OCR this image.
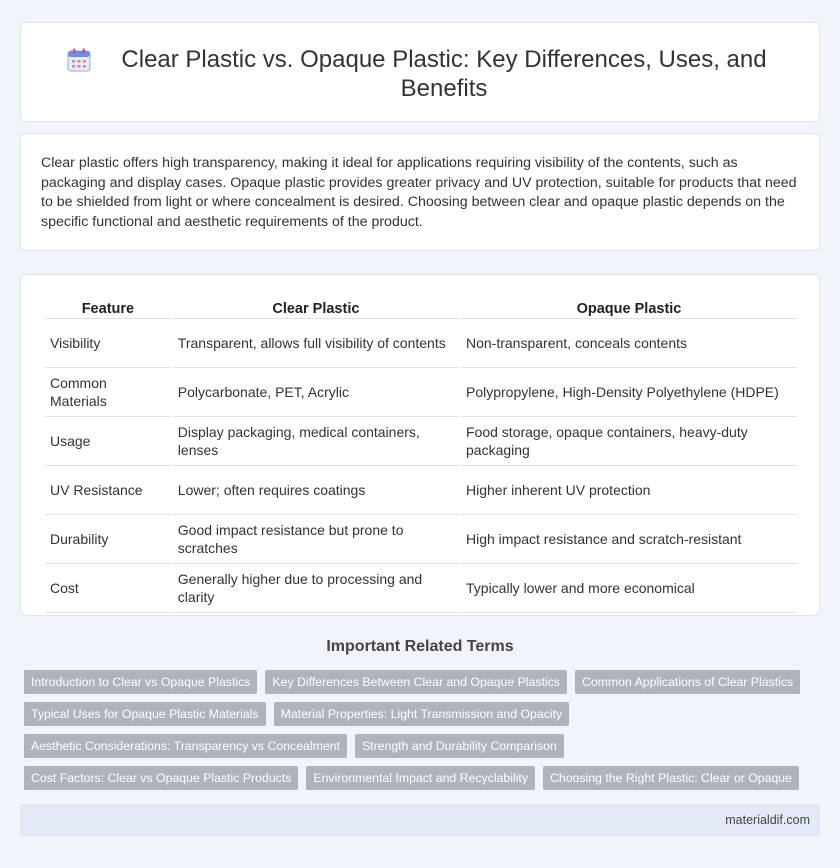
Clear Plastic vs. Opaque Plastic: Key Differences, Uses, and Benefits

Clear plastic offers high transparency, making it ideal for applications requiring visibility of the contents, such as packaging and display cases. Opaque plastic provides greater privacy and UV protection, suitable for products that need to be shielded from light or where concealment is desired. Choosing between clear and opaque plastic depends on the specific functional and aesthetic requirements of the product.

Feature	Clear Plastic	Opaque Plastic
Visibility	Transparent, allows full visibility of contents	Non-transparent, conceals contents
Common Materials	Polycarbonate, PET, Acrylic	Polypropylene, High-Density Polyethylene (HDPE)
Usage	Display packaging, medical containers, lenses	Food storage, opaque containers, heavy-duty packaging
UV Resistance	Lower; often requires coatings	Higher inherent UV protection
Durability	Good impact resistance but prone to scratches	High impact resistance and scratch-resistant
Cost	Generally higher due to processing and clarity	Typically lower and more economical
Important Related Terms
Introduction to Clear vs Opaque Plastics	Key Differences Between Clear and Opaque Plastics	Common Applications of Clear Plastics
Typical Uses for Opaque Plastic Materials	Material Properties: Light Transmission and Opacity
Aesthetic Considerations: Transparency vs Concealment	Strength and Durability Comparison
Cost Factors: Clear vs Opaque Plastic Products	Environmental Impact and Recyclability	Choosing the Right Plastic: Clear or Opaque
materialdif.com
